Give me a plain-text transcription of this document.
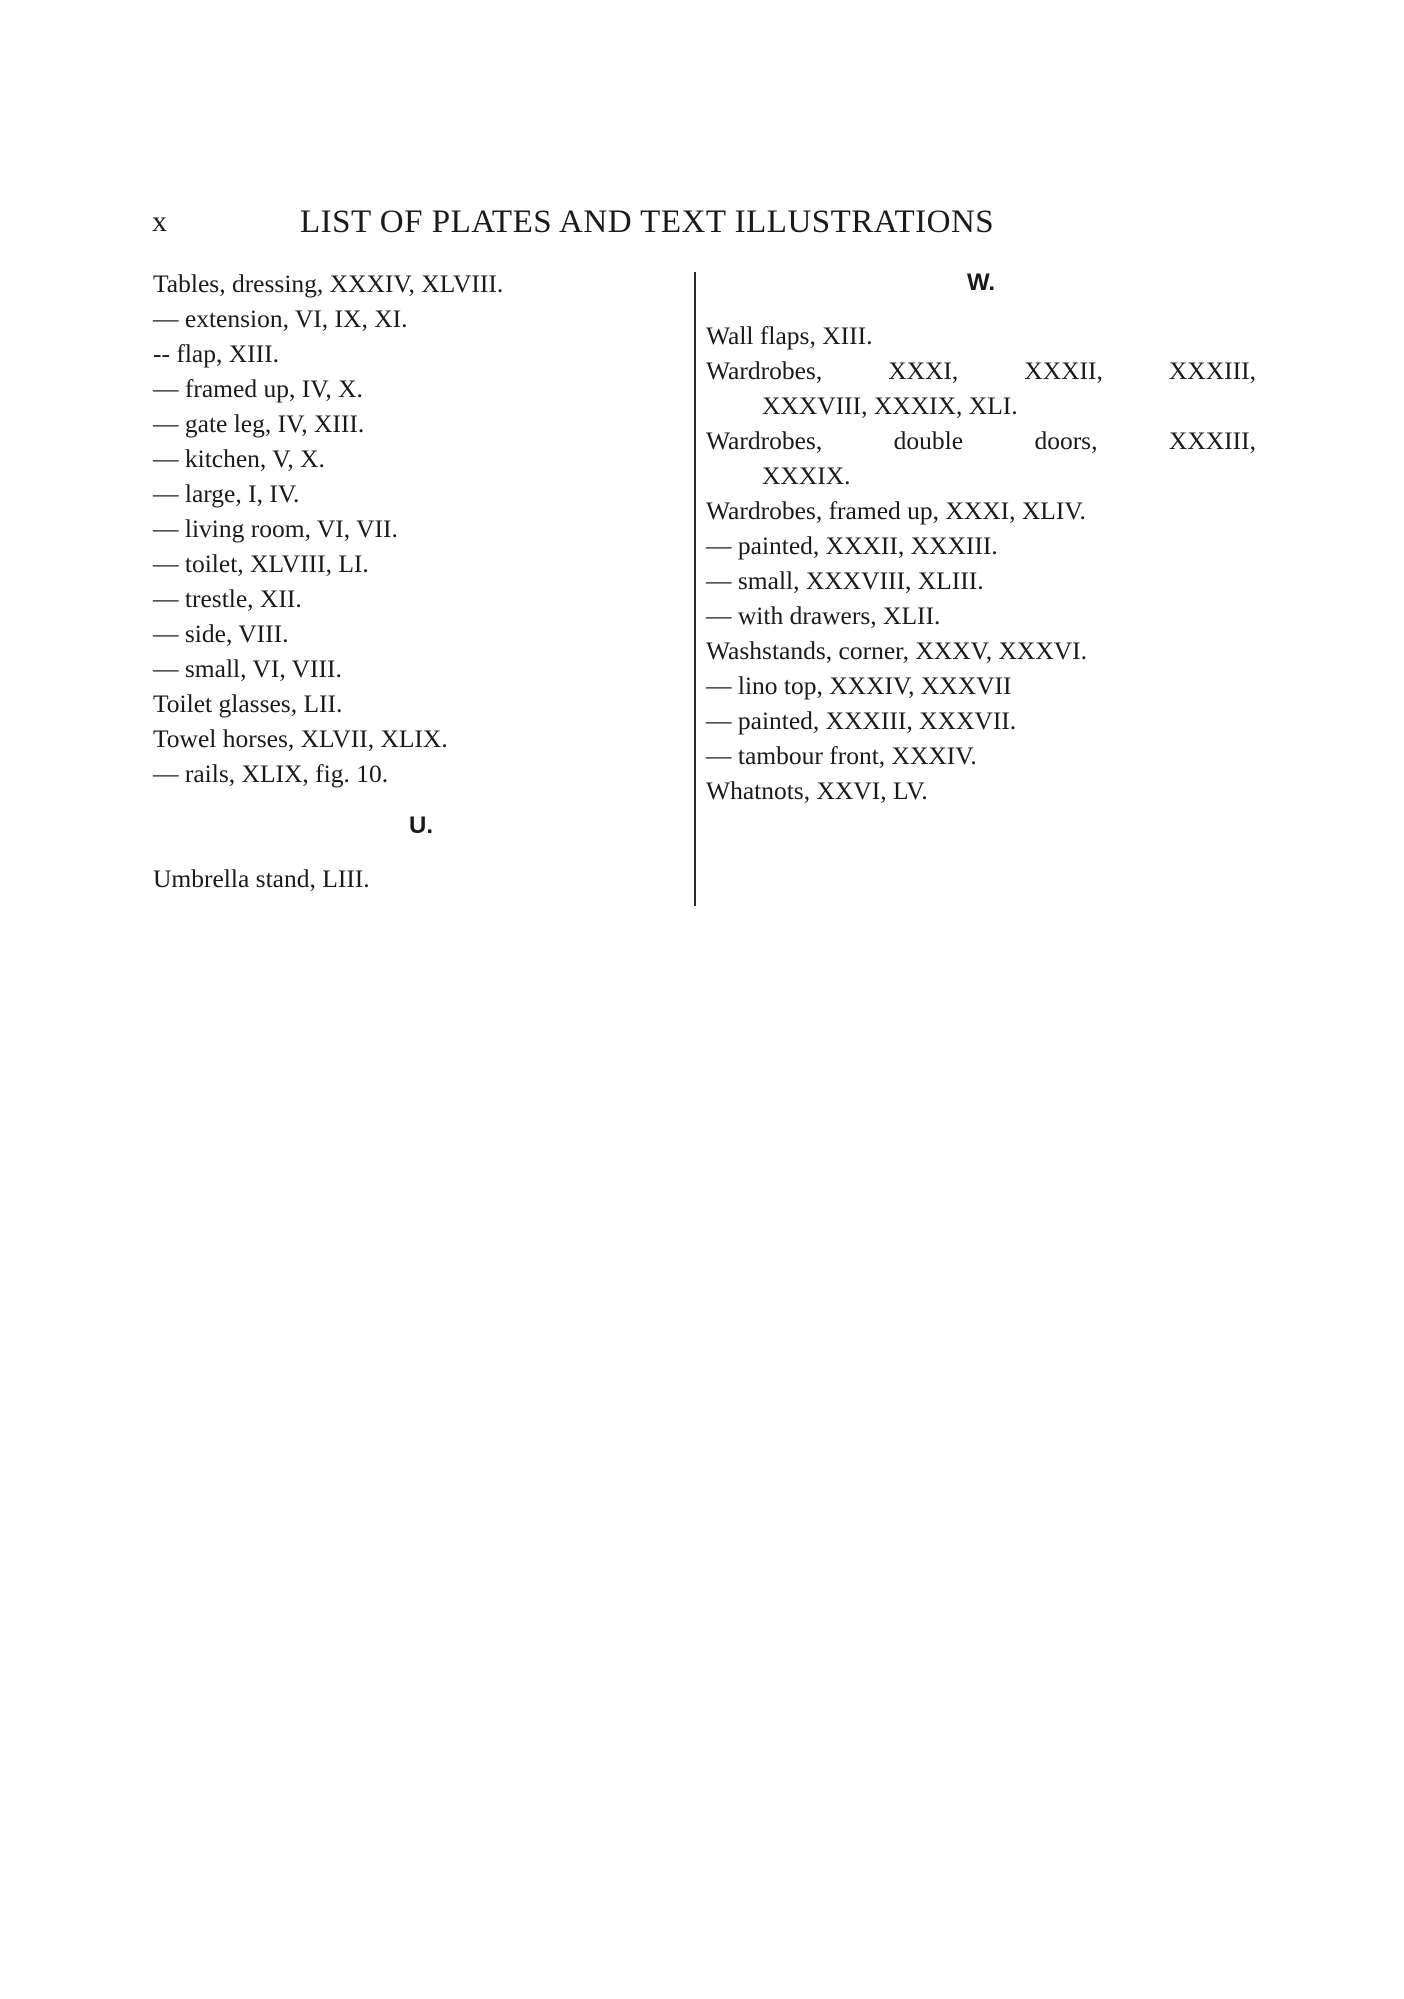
x	LIST OF PLATES AND TEXT ILLUSTRATIONS
Tables, dressing, XXXIV, XLVIII.
— extension, VI, IX, XI.
-- flap, XIII.
— framed up, IV, X.
— gate leg, IV, XIII.
— kitchen, V, X.
— large, I, IV.
— living room, VI, VII.
— toilet, XLVIII, LI.
— trestle, XII.
— side, VIII.
— small, VI, VIII.
Toilet glasses, LII.
Towel horses, XLVII, XLIX.
— rails, XLIX, fig. 10.
U.
Umbrella stand, LIII.
W.
Wall flaps, XIII.
Wardrobes, XXXI, XXXII, XXXIII,
XXXVIII, XXXIX, XLI.
Wardrobes, double doors, XXXIII,
XXXIX.
Wardrobes, framed up, XXXI, XLIV.
— painted, XXXII, XXXIII.
— small, XXXVIII, XLIII.
— with drawers, XLII.
Washstands, corner, XXXV, XXXVI.
— lino top, XXXIV, XXXVII
— painted, XXXIII, XXXVII.
— tambour front, XXXIV.
Whatnots, XXVI, LV.
